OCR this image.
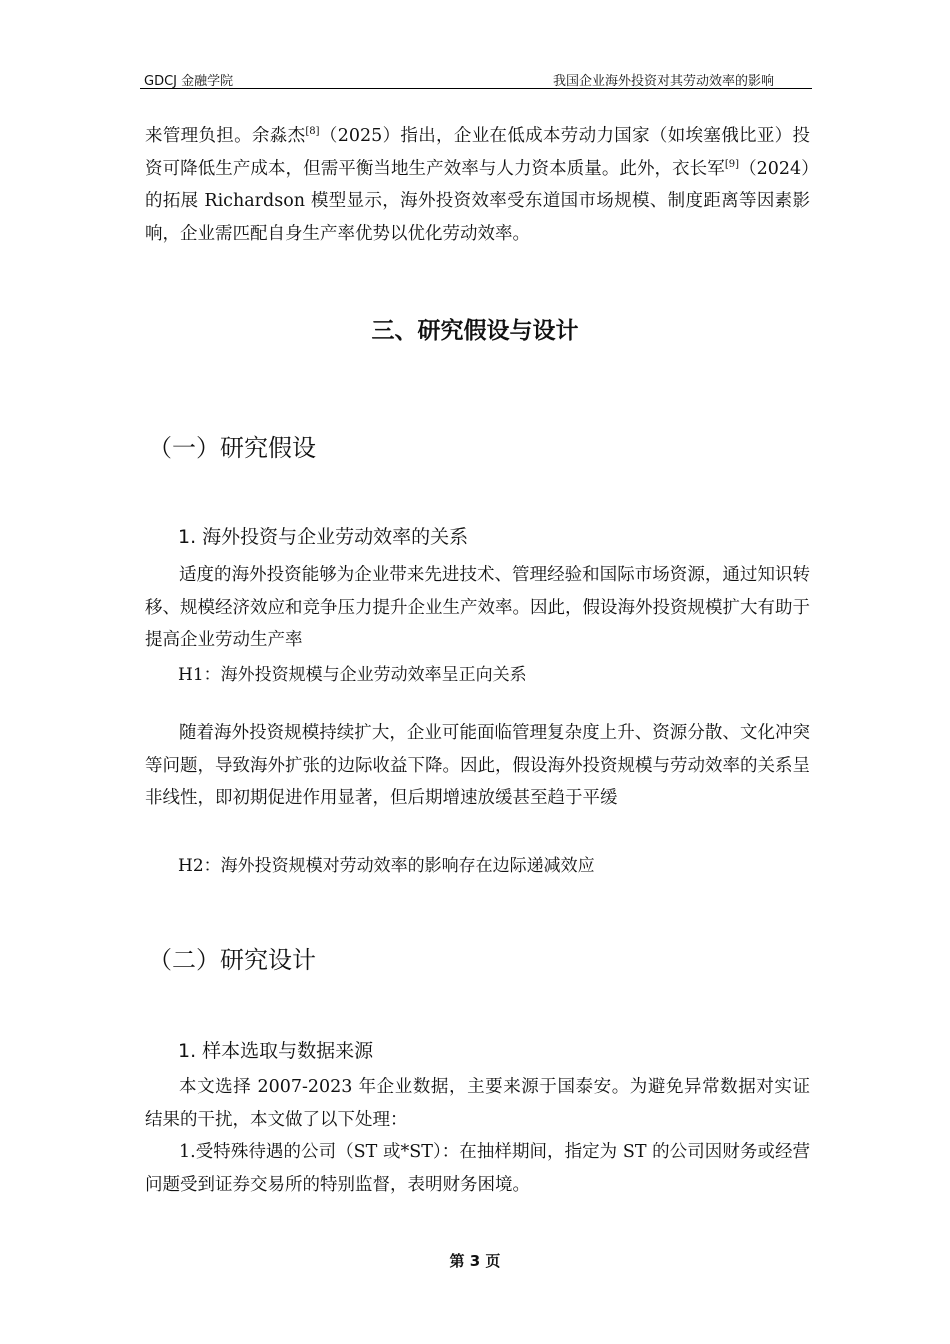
GDCJ 金融学院	我国企业海外投资对其劳动效率的影响

来管理负担。余淼杰[8]（2025）指出，企业在低成本劳动力国家（如埃塞俄比亚）投资可降低生产成本，但需平衡当地生产效率与人力资本质量。此外，衣长军[9]（2024）的拓展 Richardson 模型显示，海外投资效率受东道国市场规模、制度距离等因素影响，企业需匹配自身生产率优势以优化劳动效率。

三、研究假设与设计
（一）研究假设
1. 海外投资与企业劳动效率的关系

适度的海外投资能够为企业带来先进技术、管理经验和国际市场资源，通过知识转移、规模经济效应和竞争压力提升企业生产效率。因此，假设海外投资规模扩大有助于提高企业劳动生产率

H1：海外投资规模与企业劳动效率呈正向关系

随着海外投资规模持续扩大，企业可能面临管理复杂度上升、资源分散、文化冲突等问题，导致海外扩张的边际收益下降。因此，假设海外投资规模与劳动效率的关系呈非线性，即初期促进作用显著，但后期增速放缓甚至趋于平缓

H2：海外投资规模对劳动效率的影响存在边际递减效应
（二）研究设计
1. 样本选取与数据来源

本文选择 2007-2023 年企业数据，主要来源于国泰安。为避免异常数据对实证结果的干扰，本文做了以下处理：

1.受特殊待遇的公司（ST 或*ST）：在抽样期间，指定为 ST 的公司因财务或经营问题受到证券交易所的特别监督，表明财务困境。

第 3 页
